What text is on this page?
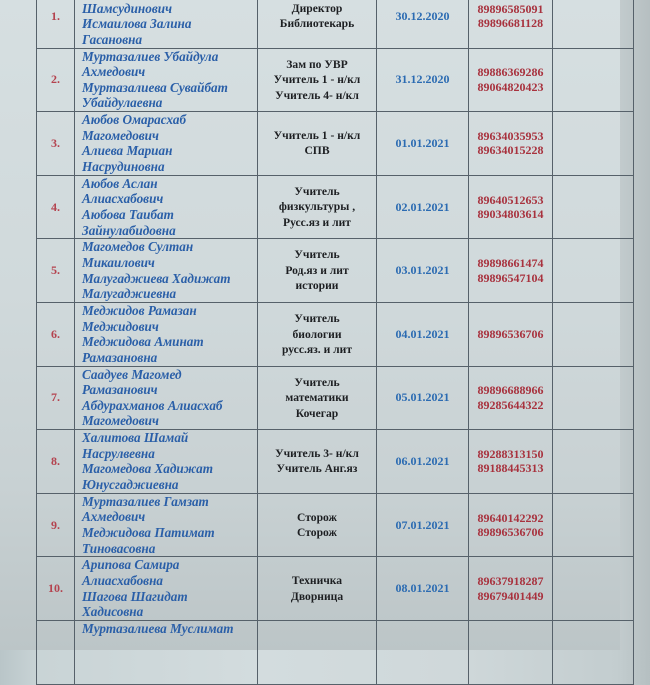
1.	Шамсудинович
Исмаилова Залина
Гасановна	Директор
Библиотекарь	30.12.2020	89896585091
89896681128	

2.	Муртазалиев Убайдула
Ахмедович
Муртазалиева Сувайбат
Убайдулаевна	Зам по УВР
Учитель 1 - н/кл
Учитель 4- н/кл	31.12.2020	89886369286
89064820423	

3.	Аюбов Омарасхаб
Магомедович
Алиева Мариан
Насрудиновна	Учитель 1 - н/кл
СПВ	01.01.2021	89634035953
89634015228	

4.	Аюбов Аслан
Алиасхабович
Аюбова Таибат
Зайнулабидовна	Учитель
физкультуры ,
Русс.яз и лит	02.01.2021	89640512653
89034803614	

5.	Магомедов Султан
Микаилович
Малугаджиева Хадижат
Малугаджиевна	Учитель
Род.яз и лит
истории	03.01.2021	89898661474
89896547104	

6.	Меджидов Рамазан
Меджидович
Меджидова Аминат
Рамазановна	Учитель
биологии
русс.яз. и лит	04.01.2021	89896536706	

7.	Саадуев Магомед
Рамазанович
Абдурахманов Алиасхаб
Магомедович	Учитель
математики
Кочегар	05.01.2021	89896688966
89285644322	

8.	Халитова Шамай
Насрулвевна
Магомедова Хадижат
Юнусгаджиевна	Учитель 3- н/кл
Учитель Анг.яз	06.01.2021	89288313150
89188445313	

9.	Муртазалиев Гамзат
Ахмедович
Меджидова Патимат
Тиновасовна	Сторож
Сторож	07.01.2021	89640142292
89896536706	

10.	Арипова Самира
Алиасхабовна
Шагова Шагидат
Хадисовна	Техничка
Дворница	08.01.2021	89637918287
89679401449	

	Муртазалиева Муслимат				
